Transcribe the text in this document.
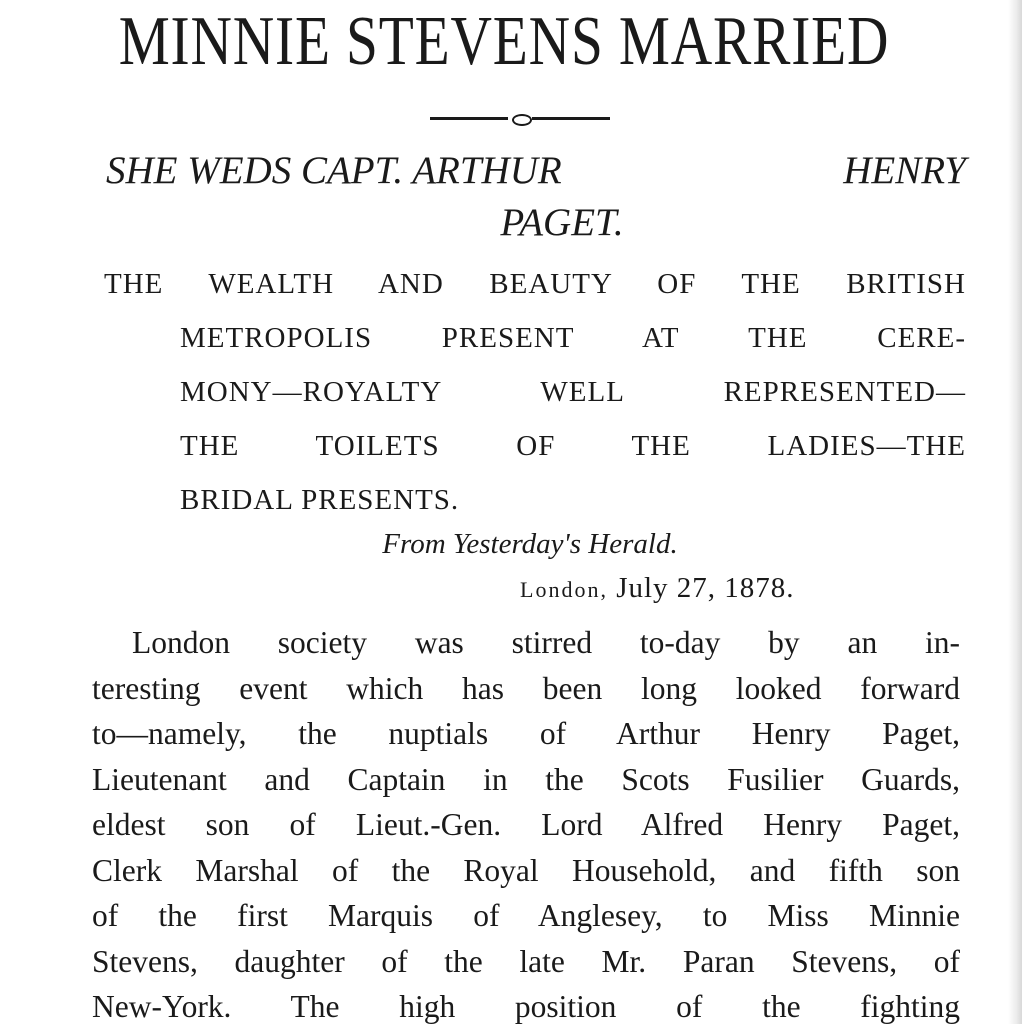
MINNIE STEVENS MARRIED
SHE WEDS CAPT. ARTHUR	HENRY
PAGET.
THE WEALTH AND BEAUTY OF THE BRITISH
METROPOLIS PRESENT AT THE CERE-
MONY—ROYALTY WELL REPRESENTED—
THE TOILETS OF THE LADIES—THE
BRIDAL PRESENTS.
From Yesterday's Herald.
London, July 27, 1878.
London society was stirred to-day by an in-
teresting event which has been long looked forward
to—namely, the nuptials of Arthur Henry Paget,
Lieutenant and Captain in the Scots Fusilier Guards,
eldest son of Lieut.-Gen. Lord Alfred Henry Paget,
Clerk Marshal of the Royal Household, and fifth son
of the first Marquis of Anglesey, to Miss Minnie
Stevens, daughter of the late Mr. Paran Stevens, of
New-York. The high position of the fighting
